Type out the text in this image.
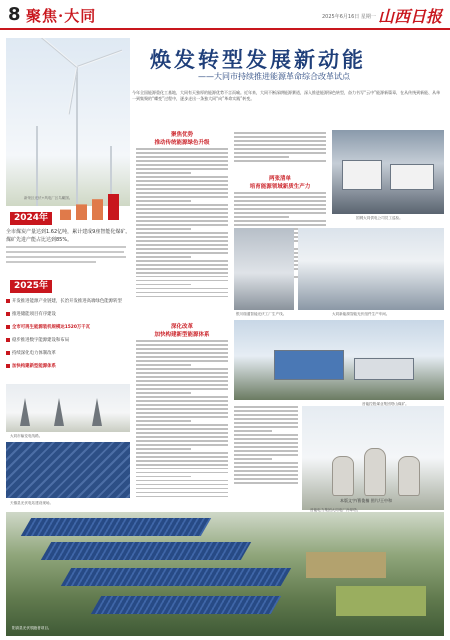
8 聚焦·大同	2025年6月16日 星期一 山西日报
焕发转型发展新动能
——大同市持续推进能源革命综合改革试点
今年全国能源重化工基地，大同有天独厚的能源优势不言而喻。近年来，大同不断深耕能源赛道，深入推进能源绿色转型，奋力书写“云中”能源新篇章，在从传统到新能、从单一到集聚的“蝶变”过程中，逐步走出一条独大同“向”革命实践”转变。
新荣区光伏+风电厂区鸟瞰图。
2024年
全市煤炭产量达到1.62亿吨，累计建成9座智能化煤矿。
煤矿先进产能占比达到85%。
2025年
开发推进能源产业链建，长治开发推进高端绿色能源转型
推进储能项目有序建设
全市可再生能源装机规模达1520万千瓦
稳步推进数字能源建设和布局
持续深化电力体制改革
加快构建新型能源体系
大同市输变电线路。
天镇县光伏电站建设现场。
聚焦优势
推动传统能源绿色升级
深化改革
加快构建新型能源体系
两张清单
培育能源领域新质生产力
国网大同供电公司员工巡检。
银川瑞通智能光伏工厂生产线。	大同新能源智能光伏组件生产车间。
晋能控股煤业集团塔山煤矿。
晋能电力集团大同电厂冷却塔。
本版文字/曹俊楠 图片/王中和
阳高县光伏领跑者项目。
